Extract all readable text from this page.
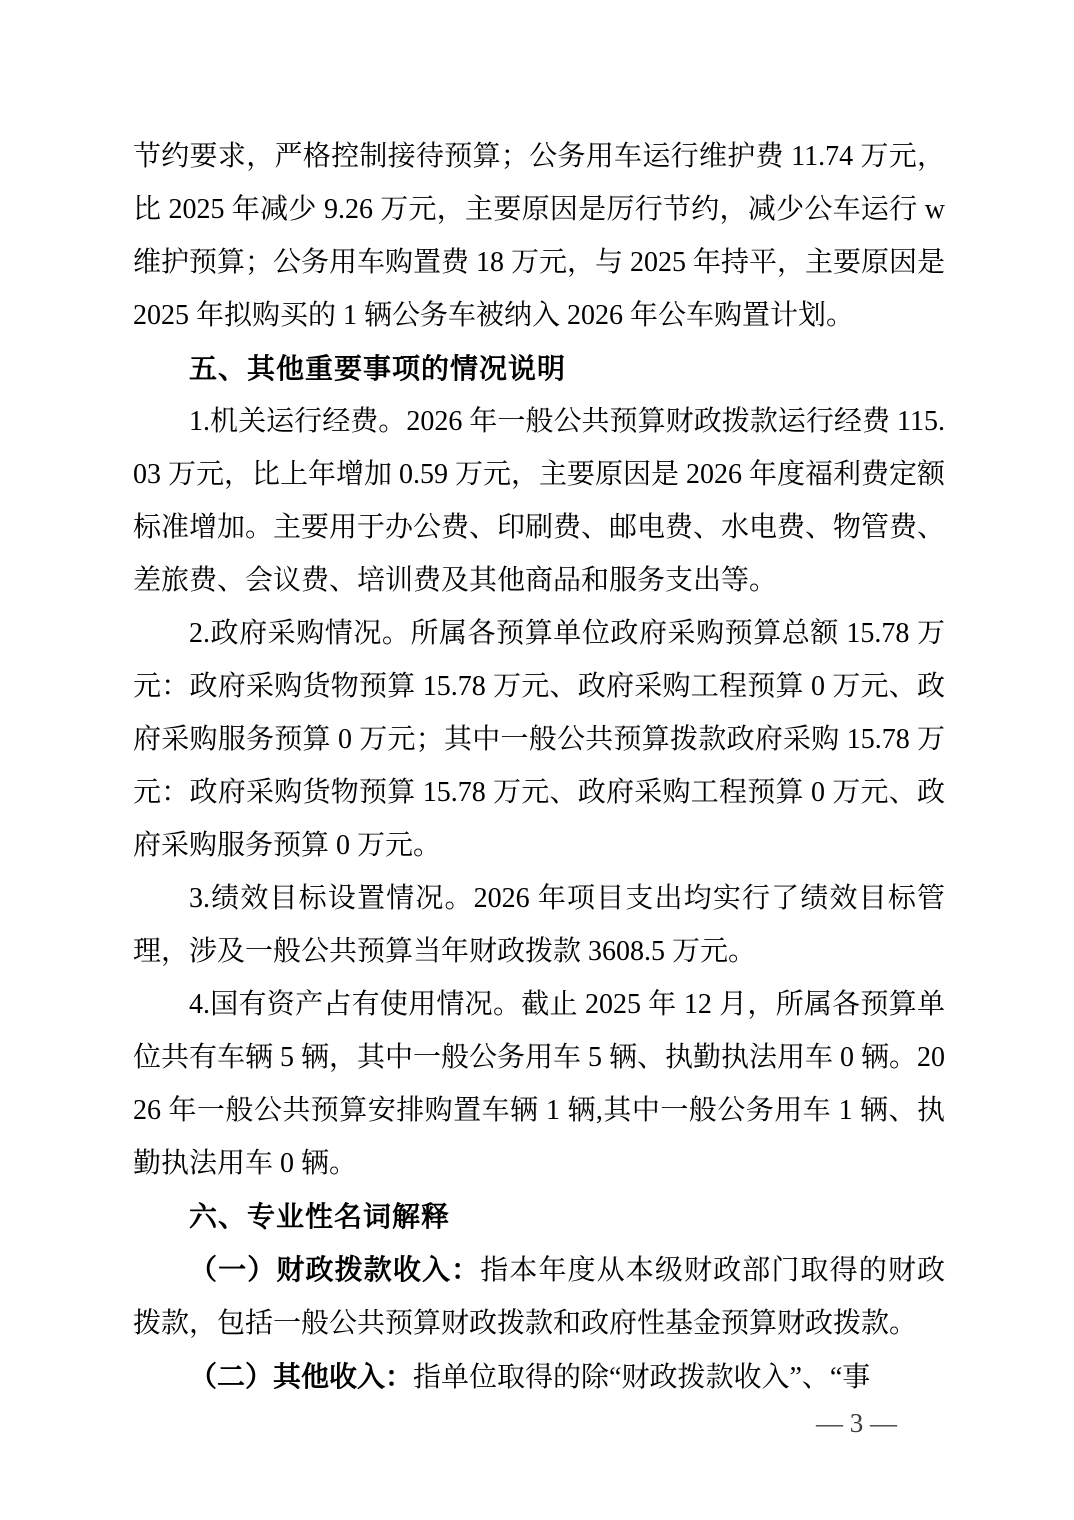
节约要求，严格控制接待预算；公务用车运行维护费 11.74 万元，比 2025 年减少 9.26 万元，主要原因是厉行节约，减少公车运行 w 维护预算；公务用车购置费 18 万元，与 2025 年持平，主要原因是 2025 年拟购买的 1 辆公务车被纳入 2026 年公车购置计划。

五、其他重要事项的情况说明

1.机关运行经费。2026 年一般公共预算财政拨款运行经费 115.03 万元，比上年增加 0.59 万元，主要原因是 2026 年度福利费定额标准增加。主要用于办公费、印刷费、邮电费、水电费、物管费、差旅费、会议费、培训费及其他商品和服务支出等。

2.政府采购情况。所属各预算单位政府采购预算总额 15.78 万元：政府采购货物预算 15.78 万元、政府采购工程预算 0 万元、政府采购服务预算 0 万元；其中一般公共预算拨款政府采购 15.78 万元：政府采购货物预算 15.78 万元、政府采购工程预算 0 万元、政府采购服务预算 0 万元。

3.绩效目标设置情况。2026 年项目支出均实行了绩效目标管理，涉及一般公共预算当年财政拨款 3608.5 万元。

4.国有资产占有使用情况。截止 2025 年 12 月，所属各预算单位共有车辆 5 辆，其中一般公务用车 5 辆、执勤执法用车 0 辆。2026 年一般公共预算安排购置车辆 1 辆,其中一般公务用车 1 辆、执勤执法用车 0 辆。

六、专业性名词解释

（一）财政拨款收入：指本年度从本级财政部门取得的财政拨款，包括一般公共预算财政拨款和政府性基金预算财政拨款。

（二）其他收入：指单位取得的除“财政拨款收入”、“事

— 3 —
